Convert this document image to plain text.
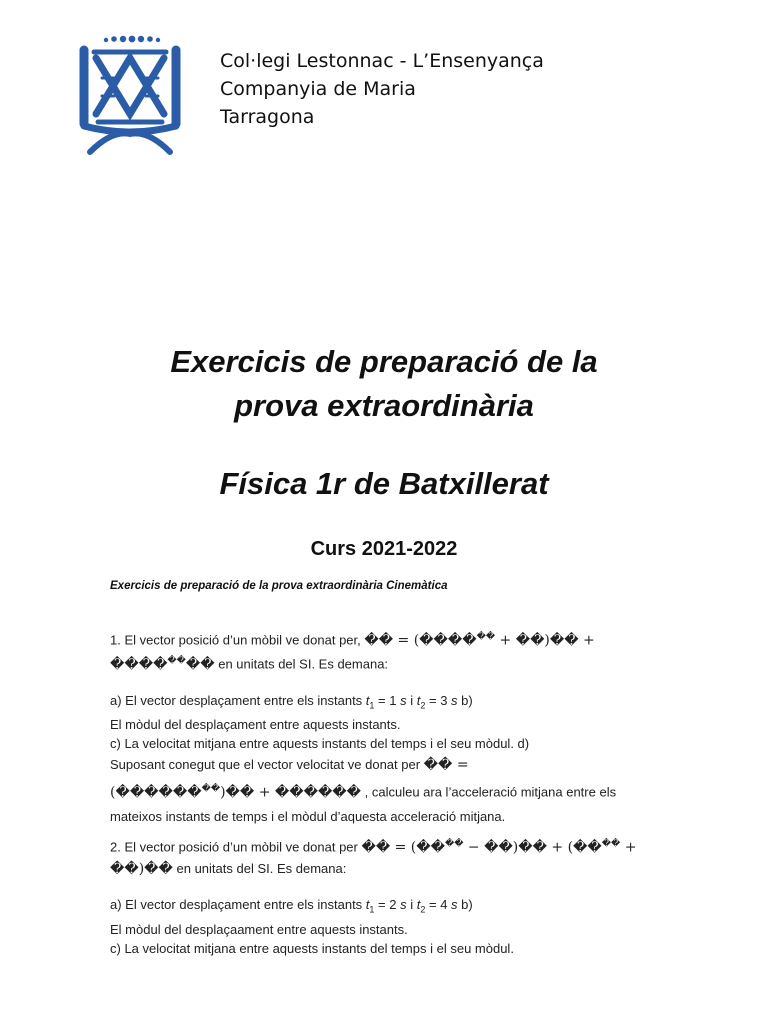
Col·legi Lestonnac - L’Ensenyança
Companyia de Maria
Tarragona
Exercicis de preparació de la
prova extraordinària
Física 1r de Batxillerat
Curs 2021-2022
Exercicis de preparació de la prova extraordinària Cinemàtica

1. El vector posició d’un mòbil ve donat per, �� = (������ + ��)�� +

�������� en unitats del SI. Es demana:

a) El vector desplaçament entre els instants $t_1 = 1$ s i $t_2 = 3$ s b)

El mòdul del desplaçament entre aquests instants.

c) La velocitat mitjana entre aquests instants del temps i el seu mòdul. d)

Suposant conegut que el vector velocitat ve donat per �� =

(��������)�� + ������ , calculeu ara l’acceleració mitjana entre els

mateixos instants de temps i el mòdul d’aquesta acceleració mitjana.

2. El vector posició d’un mòbil ve donat per �� = (���� − ��)�� + (���� +

��)�� en unitats del SI. Es demana:

a) El vector desplaçament entre els instants $t_1 = 2$ s i $t_2 = 4$ s b)

El mòdul del desplaçaament entre aquests instants.

c) La velocitat mitjana entre aquests instants del temps i el seu mòdul.
